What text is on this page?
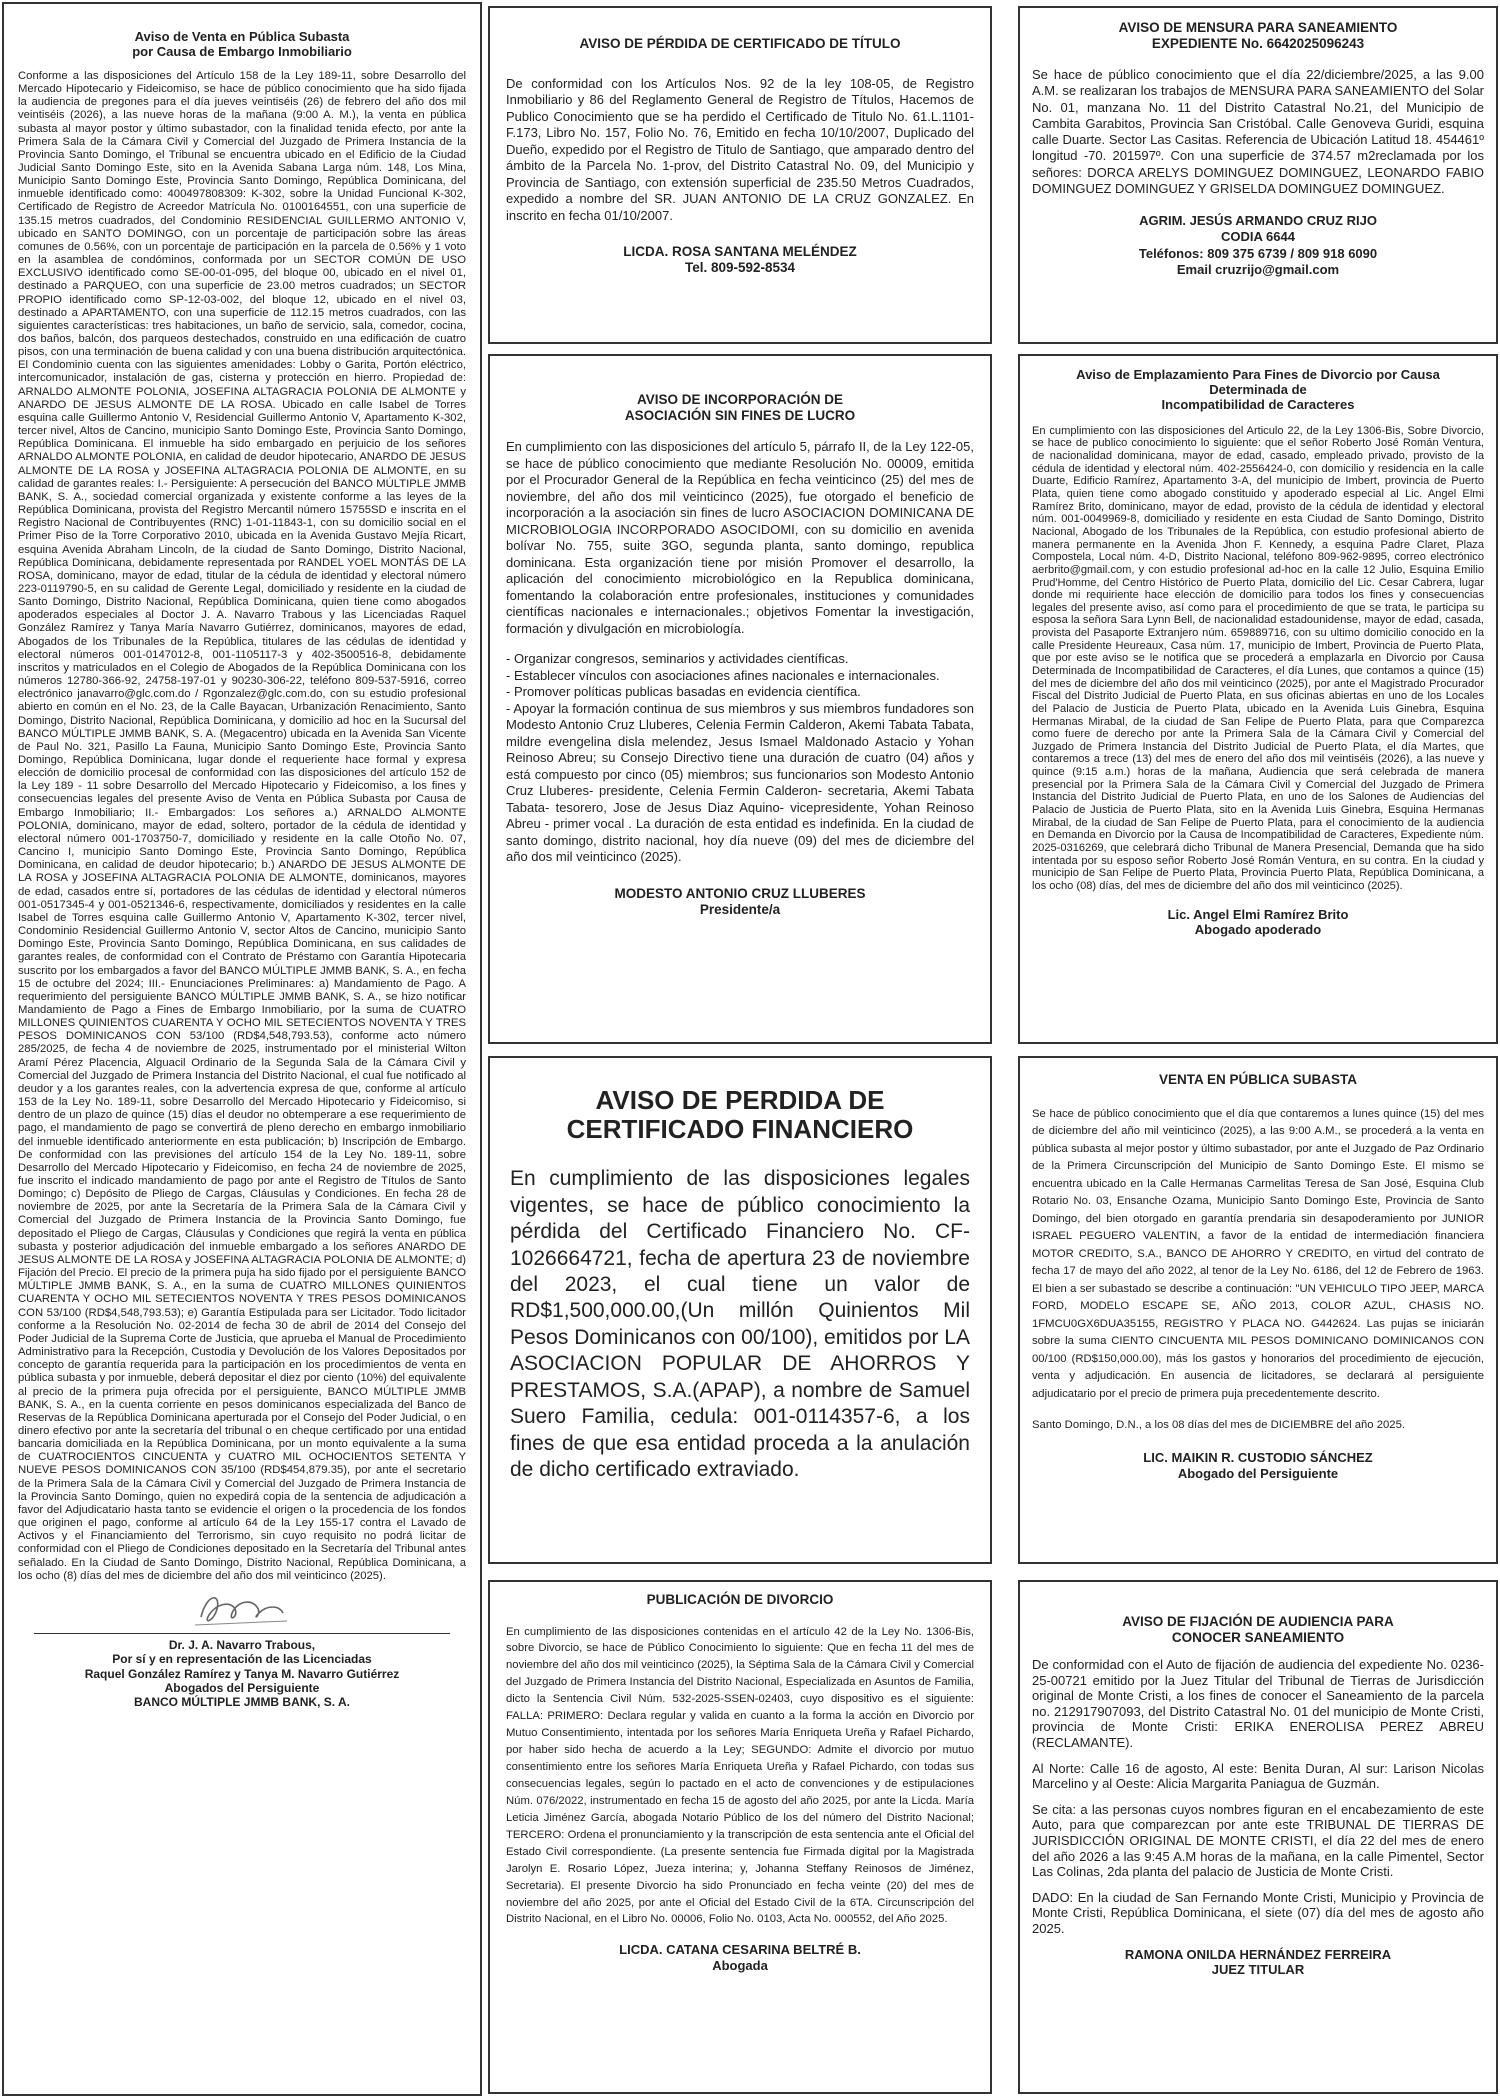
Aviso de Venta en Pública Subasta
por Causa de Embargo Inmobiliario
Conforme a las disposiciones del Artículo 158 de la Ley 189-11, sobre Desarrollo del Mercado Hipotecario y Fideicomiso, se hace de público conocimiento que ha sido fijada la audiencia de pregones para el día jueves veintiséis (26) de febrero del año dos mil veintiséis (2026), a las nueve horas de la mañana (9:00 A. M.), la venta en pública subasta al mayor postor y último subastador, con la finalidad tenida efecto, por ante la Primera Sala de la Cámara Civil y Comercial del Juzgado de Primera Instancia de la Provincia Santo Domingo, el Tribunal se encuentra ubicado en el Edificio de la Ciudad Judicial Santo Domingo Este, sito en la Avenida Sabana Larga núm. 148, Los Mina, Municipio Santo Domingo Este, Provincia Santo Domingo, República Dominicana, del inmueble identificado como: 400497808309: K-302, sobre la Unidad Funcional K-302, Certificado de Registro de Acreedor Matrícula No. 0100164551, con una superficie de 135.15 metros cuadrados, del Condominio RESIDENCIAL GUILLERMO ANTONIO V, ubicado en SANTO DOMINGO, con un porcentaje de participación sobre las áreas comunes de 0.56%, con un porcentaje de participación en la parcela de 0.56% y 1 voto en la asamblea de condóminos, conformada por un SECTOR COMÚN DE USO EXCLUSIVO identificado como SE-00-01-095, del bloque 00, ubicado en el nivel 01, destinado a PARQUEO, con una superficie de 23.00 metros cuadrados; un SECTOR PROPIO identificado como SP-12-03-002, del bloque 12, ubicado en el nivel 03, destinado a APARTAMENTO, con una superficie de 112.15 metros cuadrados, con las siguientes características: tres habitaciones, un baño de servicio, sala, comedor, cocina, dos baños, balcón, dos parqueos destechados, construido en una edificación de cuatro pisos, con una terminación de buena calidad y con una buena distribución arquitectónica. El Condominio cuenta con las siguientes amenidades: Lobby o Garita, Portón eléctrico, intercomunicador, instalación de gas, cisterna y protección en hierro. Propiedad de: ARNALDO ALMONTE POLONIA, JOSEFINA ALTAGRACIA POLONIA DE ALMONTE y ANARDO DE JESUS ALMONTE DE LA ROSA. Ubicado en calle Isabel de Torres esquina calle Guillermo Antonio V, Residencial Guillermo Antonio V, Apartamento K-302, tercer nivel, Altos de Cancino, municipio Santo Domingo Este, Provincia Santo Domingo, República Dominicana. El inmueble ha sido embargado en perjuicio de los señores ARNALDO ALMONTE POLONIA, en calidad de deudor hipotecario, ANARDO DE JESUS ALMONTE DE LA ROSA y JOSEFINA ALTAGRACIA POLONIA DE ALMONTE, en su calidad de garantes reales: I.- Persiguiente: A persecución del BANCO MÚLTIPLE JMMB BANK, S. A., sociedad comercial organizada y existente conforme a las leyes de la República Dominicana, provista del Registro Mercantil número 15755SD e inscrita en el Registro Nacional de Contribuyentes (RNC) 1-01-11843-1, con su domicilio social en el Primer Piso de la Torre Corporativo 2010, ubicada en la Avenida Gustavo Mejía Ricart, esquina Avenida Abraham Lincoln, de la ciudad de Santo Domingo, Distrito Nacional, República Dominicana, debidamente representada por RANDEL YOEL MONTÁS DE LA ROSA, dominicano, mayor de edad, titular de la cédula de identidad y electoral número 223-0119790-5, en su calidad de Gerente Legal, domiciliado y residente en la ciudad de Santo Domingo, Distrito Nacional, República Dominicana, quien tiene como abogados apoderados especiales al Doctor J. A. Navarro Trabous y las Licenciadas Raquel González Ramírez y Tanya María Navarro Gutiérrez, dominicanos, mayores de edad, Abogados de los Tribunales de la República, titulares de las cédulas de identidad y electoral números 001-0147012-8, 001-1105117-3 y 402-3500516-8, debidamente inscritos y matriculados en el Colegio de Abogados de la República Dominicana con los números 12780-366-92, 24758-197-01 y 90230-306-22, teléfono 809-537-5916, correo electrónico janavarro@glc.com.do / Rgonzalez@glc.com.do, con su estudio profesional abierto en común en el No. 23, de la Calle Bayacan, Urbanización Renacimiento, Santo Domingo, Distrito Nacional, República Dominicana, y domicilio ad hoc en la Sucursal del BANCO MÚLTIPLE JMMB BANK, S. A. (Megacentro) ubicada en la Avenida San Vicente de Paul No. 321, Pasillo La Fauna, Municipio Santo Domingo Este, Provincia Santo Domingo, República Dominicana, lugar donde el requeriente hace formal y expresa elección de domicilio procesal de conformidad con las disposiciones del artículo 152 de la Ley 189 - 11 sobre Desarrollo del Mercado Hipotecario y Fideicomiso, a los fines y consecuencias legales del presente Aviso de Venta en Pública Subasta por Causa de Embargo Inmobiliario; II.- Embargados: Los señores a.) ARNALDO ALMONTE POLONIA, dominicano, mayor de edad, soltero, portador de la cédula de identidad y electoral número 001-1703750-7, domiciliado y residente en la calle Otoño No. 07, Cancino I, municipio Santo Domingo Este, Provincia Santo Domingo, República Dominicana, en calidad de deudor hipotecario; b.) ANARDO DE JESUS ALMONTE DE LA ROSA y JOSEFINA ALTAGRACIA POLONIA DE ALMONTE, dominicanos, mayores de edad, casados entre sí, portadores de las cédulas de identidad y electoral números 001-0517345-4 y 001-0521346-6, respectivamente, domiciliados y residentes en la calle Isabel de Torres esquina calle Guillermo Antonio V, Apartamento K-302, tercer nivel, Condominio Residencial Guillermo Antonio V, sector Altos de Cancino, municipio Santo Domingo Este, Provincia Santo Domingo, República Dominicana, en sus calidades de garantes reales, de conformidad con el Contrato de Préstamo con Garantía Hipotecaria suscrito por los embargados a favor del BANCO MÚLTIPLE JMMB BANK, S. A., en fecha 15 de octubre del 2024; III.- Enunciaciones Preliminares: a) Mandamiento de Pago. A requerimiento del persiguiente BANCO MÚLTIPLE JMMB BANK, S. A., se hizo notificar Mandamiento de Pago a Fines de Embargo Inmobiliario, por la suma de CUATRO MILLONES QUINIENTOS CUARENTA Y OCHO MIL SETECIENTOS NOVENTA Y TRES PESOS DOMINICANOS CON 53/100 (RD$4,548,793.53), conforme acto número 285/2025, de fecha 4 de noviembre de 2025, instrumentado por el ministerial Wilton Aramí Pérez Placencia, Alguacil Ordinario de la Segunda Sala de la Cámara Civil y Comercial del Juzgado de Primera Instancia del Distrito Nacional, el cual fue notificado al deudor y a los garantes reales, con la advertencia expresa de que, conforme al artículo 153 de la Ley No. 189-11, sobre Desarrollo del Mercado Hipotecario y Fideicomiso, si dentro de un plazo de quince (15) días el deudor no obtemperare a ese requerimiento de pago, el mandamiento de pago se convertirá de pleno derecho en embargo inmobiliario del inmueble identificado anteriormente en esta publicación; b) Inscripción de Embargo. De conformidad con las previsiones del artículo 154 de la Ley No. 189-11, sobre Desarrollo del Mercado Hipotecario y Fideicomiso, en fecha 24 de noviembre de 2025, fue inscrito el indicado mandamiento de pago por ante el Registro de Títulos de Santo Domingo; c) Depósito de Pliego de Cargas, Cláusulas y Condiciones. En fecha 28 de noviembre de 2025, por ante la Secretaría de la Primera Sala de la Cámara Civil y Comercial del Juzgado de Primera Instancia de la Provincia Santo Domingo, fue depositado el Pliego de Cargas, Cláusulas y Condiciones que regirá la venta en pública subasta y posterior adjudicación del inmueble embargado a los señores ANARDO DE JESUS ALMONTE DE LA ROSA y JOSEFINA ALTAGRACIA POLONIA DE ALMONTE; d) Fijación del Precio. El precio de la primera puja ha sido fijado por el persiguiente BANCO MÚLTIPLE JMMB BANK, S. A., en la suma de CUATRO MILLONES QUINIENTOS CUARENTA Y OCHO MIL SETECIENTOS NOVENTA Y TRES PESOS DOMINICANOS CON 53/100 (RD$4,548,793.53); e) Garantía Estipulada para ser Licitador. Todo licitador conforme a la Resolución No. 02-2014 de fecha 30 de abril de 2014 del Consejo del Poder Judicial de la Suprema Corte de Justicia, que aprueba el Manual de Procedimiento Administrativo para la Recepción, Custodia y Devolución de los Valores Depositados por concepto de garantía requerida para la participación en los procedimientos de venta en pública subasta y por inmueble, deberá depositar el diez por ciento (10%) del equivalente al precio de la primera puja ofrecida por el persiguiente, BANCO MÚLTIPLE JMMB BANK, S. A., en la cuenta corriente en pesos dominicanos especializada del Banco de Reservas de la República Dominicana aperturada por el Consejo del Poder Judicial, o en dinero efectivo por ante la secretaría del tribunal o en cheque certificado por una entidad bancaria domiciliada en la República Dominicana, por un monto equivalente a la suma de CUATROCIENTOS CINCUENTA y CUATRO MIL OCHOCIENTOS SETENTA Y NUEVE PESOS DOMINICANOS CON 35/100 (RD$454,879.35), por ante el secretario de la Primera Sala de la Cámara Civil y Comercial del Juzgado de Primera Instancia de la Provincia Santo Domingo, quien no expedirá copia de la sentencia de adjudicación a favor del Adjudicatario hasta tanto se evidencie el origen o la procedencia de los fondos que originen el pago, conforme al artículo 64 de la Ley 155-17 contra el Lavado de Activos y el Financiamiento del Terrorismo, sin cuyo requisito no podrá licitar de conformidad con el Pliego de Condiciones depositado en la Secretaría del Tribunal antes señalado. En la Ciudad de Santo Domingo, Distrito Nacional, República Dominicana, a los ocho (8) días del mes de diciembre del año dos mil veinticinco (2025).
Dr. J. A. Navarro Trabous,
Por sí y en representación de las Licenciadas
Raquel González Ramírez y Tanya M. Navarro Gutiérrez
Abogados del Persiguiente
BANCO MÚLTIPLE JMMB BANK, S. A.
AVISO DE PÉRDIDA DE CERTIFICADO DE TÍTULO
De conformidad con los Artículos Nos. 92 de la ley 108-05, de Registro Inmobiliario y 86 del Reglamento General de Registro de Títulos, Hacemos de Publico Conocimiento que se ha perdido el Certificado de Titulo No. 61.L.1101-F.173, Libro No. 157, Folio No. 76, Emitido en fecha 10/10/2007, Duplicado del Dueño, expedido por el Registro de Titulo de Santiago, que amparado dentro del ámbito de la Parcela No. 1-prov, del Distrito Catastral No. 09, del Municipio y Provincia de Santiago, con extensión superficial de 235.50 Metros Cuadrados, expedido a nombre del SR. JUAN ANTONIO DE LA CRUZ GONZALEZ. En inscrito en fecha 01/10/2007.
LICDA. ROSA SANTANA MELÉNDEZ
Tel. 809-592-8534
AVISO DE INCORPORACIÓN DE
ASOCIACIÓN SIN FINES DE LUCRO
En cumplimiento con las disposiciones del artículo 5, párrafo II, de la Ley 122-05, se hace de público conocimiento que mediante Resolución No. 00009, emitida por el Procurador General de la República en fecha veinticinco (25) del mes de noviembre, del año dos mil veinticinco (2025), fue otorgado el beneficio de incorporación a la asociación sin fines de lucro ASOCIACION DOMINICANA DE MICROBIOLOGIA INCORPORADO ASOCIDOMI, con su domicilio en avenida bolívar No. 755, suite 3GO, segunda planta, santo domingo, republica dominicana. Esta organización tiene por misión Promover el desarrollo, la aplicación del conocimiento microbiológico en la Republica dominicana, fomentando la colaboración entre profesionales, instituciones y comunidades científicas nacionales e internacionales.; objetivos Fomentar la investigación, formación y divulgación en microbiología.
- Organizar congresos, seminarios y actividades científicas.
- Establecer vínculos con asociaciones afines nacionales e internacionales.
- Promover políticas publicas basadas en evidencia científica.
- Apoyar la formación continua de sus miembros y sus miembros fundadores son Modesto Antonio Cruz Lluberes, Celenia Fermin Calderon, Akemi Tabata Tabata, mildre evengelina disla melendez, Jesus Ismael Maldonado Astacio y Yohan Reinoso Abreu; su Consejo Directivo tiene una duración de cuatro (04) años y está compuesto por cinco (05) miembros; sus funcionarios son Modesto Antonio Cruz Lluberes- presidente, Celenia Fermin Calderon- secretaria, Akemi Tabata Tabata- tesorero, Jose de Jesus Diaz Aquino- vicepresidente, Yohan Reinoso Abreu - primer vocal . La duración de esta entidad es indefinida. En la ciudad de santo domingo, distrito nacional, hoy día nueve (09) del mes de diciembre del año dos mil veinticinco (2025).
MODESTO ANTONIO CRUZ LLUBERES
Presidente/a
AVISO DE PERDIDA DE
CERTIFICADO FINANCIERO
En cumplimiento de las disposiciones legales vigentes, se hace de público conocimiento la pérdida del Certificado Financiero No. CF-1026664721, fecha de apertura 23 de noviembre del 2023, el cual tiene un valor de RD$1,500,000.00,(Un millón Quinientos Mil Pesos Dominicanos con 00/100), emitidos por LA ASOCIACION POPULAR DE AHORROS Y PRESTAMOS, S.A.(APAP), a nombre de Samuel Suero Familia, cedula: 001-0114357-6, a los fines de que esa entidad proceda a la anulación de dicho certificado extraviado.
PUBLICACIÓN DE DIVORCIO
En cumplimiento de las disposiciones contenidas en el artículo 42 de la Ley No. 1306-Bis, sobre Divorcio, se hace de Público Conocimiento lo siguiente: Que en fecha 11 del mes de noviembre del año dos mil veinticinco (2025), la Séptima Sala de la Cámara Civil y Comercial del Juzgado de Primera Instancia del Distrito Nacional, Especializada en Asuntos de Familia, dicto la Sentencia Civil Núm. 532-2025-SSEN-02403, cuyo dispositivo es el siguiente: FALLA: PRIMERO: Declara regular y valida en cuanto a la forma la acción en Divorcio por Mutuo Consentimiento, intentada por los señores María Enriqueta Ureña y Rafael Pichardo, por haber sido hecha de acuerdo a la Ley; SEGUNDO: Admite el divorcio por mutuo consentimiento entre los señores María Enriqueta Ureña y Rafael Pichardo, con todas sus consecuencias legales, según lo pactado en el acto de convenciones y de estipulaciones Núm. 076/2022, instrumentado en fecha 15 de agosto del año 2025, por ante la Licda. María Leticia Jiménez García, abogada Notario Público de los del número del Distrito Nacional; TERCERO: Ordena el pronunciamiento y la transcripción de esta sentencia ante el Oficial del Estado Civil correspondiente. (La presente sentencia fue Firmada digital por la Magistrada Jarolyn E. Rosario López, Jueza interina; y, Johanna Steffany Reinosos de Jiménez, Secretaria). El presente Divorcio ha sido Pronunciado en fecha veinte (20) del mes de noviembre del año 2025, por ante el Oficial del Estado Civil de la 6TA. Circunscripción del Distrito Nacional, en el Libro No. 00006, Folio No. 0103, Acta No. 000552, del Año 2025.
LICDA. CATANA CESARINA BELTRÉ B.
Abogada
AVISO DE MENSURA PARA SANEAMIENTO
EXPEDIENTE No. 6642025096243
Se hace de público conocimiento que el día 22/diciembre/2025, a las 9.00 A.M. se realizaran los trabajos de MENSURA PARA SANEAMIENTO del Solar No. 01, manzana No. 11 del Distrito Catastral No.21, del Municipio de Cambita Garabitos, Provincia San Cristóbal. Calle Genoveva Guridi, esquina calle Duarte. Sector Las Casitas. Referencia de Ubicación Latitud 18. 454461º longitud -70. 201597º. Con una superficie de 374.57 m2reclamada por los señores: DORCA ARELYS DOMINGUEZ DOMINGUEZ, LEONARDO FABIO DOMINGUEZ DOMINGUEZ Y GRISELDA DOMINGUEZ DOMINGUEZ.
AGRIM. JESÚS ARMANDO CRUZ RIJO
CODIA 6644
Teléfonos: 809 375 6739 / 809 918 6090
Email cruzrijo@gmail.com
Aviso de Emplazamiento Para Fines de Divorcio por Causa
Determinada de
Incompatibilidad de Caracteres
En cumplimiento con las disposiciones del Articulo 22, de la Ley 1306-Bis, Sobre Divorcio, se hace de publico conocimiento lo siguiente: que el señor Roberto José Román Ventura, de nacionalidad dominicana, mayor de edad, casado, empleado privado, provisto de la cédula de identidad y electoral núm. 402-2556424-0, con domicilio y residencia en la calle Duarte, Edificio Ramírez, Apartamento 3-A, del municipio de Imbert, provincia de Puerto Plata, quien tiene como abogado constituido y apoderado especial al Lic. Angel Elmi Ramírez Brito, dominicano, mayor de edad, provisto de la cédula de identidad y electoral núm. 001-0049969-8, domiciliado y residente en esta Ciudad de Santo Domingo, Distrito Nacional, Abogado de los Tribunales de la República, con estudio profesional abierto de manera permanente en la Avenida Jhon F. Kennedy, a esquina Padre Claret, Plaza Compostela, Local núm. 4-D, Distrito Nacional, teléfono 809-962-9895, correo electrónico aerbrito@gmail.com, y con estudio profesional ad-hoc en la calle 12 Julio, Esquina Emilio Prud'Homme, del Centro Histórico de Puerto Plata, domicilio del Lic. Cesar Cabrera, lugar donde mi requiriente hace elección de domicilio para todos los fines y consecuencias legales del presente aviso, así como para el procedimiento de que se trata, le participa su esposa la señora Sara Lynn Bell, de nacionalidad estadounidense, mayor de edad, casada, provista del Pasaporte Extranjero núm. 659889716, con su ultimo domicilio conocido en la calle Presidente Heureaux, Casa núm. 17, municipio de Imbert, Provincia de Puerto Plata, que por este aviso se le notifica que se procederá a emplazarla en Divorcio por Causa Determinada de Incompatibilidad de Caracteres, el día Lunes, que contamos a quince (15) del mes de diciembre del año dos mil veinticinco (2025), por ante el Magistrado Procurador Fiscal del Distrito Judicial de Puerto Plata, en sus oficinas abiertas en uno de los Locales del Palacio de Justicia de Puerto Plata, ubicado en la Avenida Luis Ginebra, Esquina Hermanas Mirabal, de la ciudad de San Felipe de Puerto Plata, para que Comparezca como fuere de derecho por ante la Primera Sala de la Cámara Civil y Comercial del Juzgado de Primera Instancia del Distrito Judicial de Puerto Plata, el día Martes, que contaremos a trece (13) del mes de enero del año dos mil veintiséis (2026), a las nueve y quince (9:15 a.m.) horas de la mañana, Audiencia que será celebrada de manera presencial por la Primera Sala de la Cámara Civil y Comercial del Juzgado de Primera Instancia del Distrito Judicial de Puerto Plata, en uno de los Salones de Audiencias del Palacio de Justicia de Puerto Plata, sito en la Avenida Luis Ginebra, Esquina Hermanas Mirabal, de la ciudad de San Felipe de Puerto Plata, para el conocimiento de la audiencia en Demanda en Divorcio por la Causa de Incompatibilidad de Caracteres, Expediente núm. 2025-0316269, que celebrará dicho Tribunal de Manera Presencial, Demanda que ha sido intentada por su esposo señor Roberto José Román Ventura, en su contra. En la ciudad y municipio de San Felipe de Puerto Plata, Provincia Puerto Plata, República Dominicana, a los ocho (08) días, del mes de diciembre del año dos mil veinticinco (2025).
Lic. Angel Elmi Ramírez Brito
Abogado apoderado
VENTA EN PÚBLICA SUBASTA
Se hace de público conocimiento que el día que contaremos a lunes quince (15) del mes de diciembre del año mil veinticinco (2025), a las 9:00 A.M., se procederá a la venta en pública subasta al mejor postor y último subastador, por ante el Juzgado de Paz Ordinario de la Primera Circunscripción del Municipio de Santo Domingo Este. El mismo se encuentra ubicado en la Calle Hermanas Carmelitas Teresa de San José, Esquina Club Rotario No. 03, Ensanche Ozama, Municipio Santo Domingo Este, Provincia de Santo Domingo, del bien otorgado en garantía prendaria sin desapoderamiento por JUNIOR ISRAEL PEGUERO VALENTIN, a favor de la entidad de intermediación financiera MOTOR CREDITO, S.A., BANCO DE AHORRO Y CREDITO, en virtud del contrato de fecha 17 de mayo del año 2022, al tenor de la Ley No. 6186, del 12 de Febrero de 1963. El bien a ser subastado se describe a continuación: "UN VEHICULO TIPO JEEP, MARCA FORD, MODELO ESCAPE SE, AÑO 2013, COLOR AZUL, CHASIS NO. 1FMCU0GX6DUA35155, REGISTRO Y PLACA NO. G442624. Las pujas se iniciarán sobre la suma CIENTO CINCUENTA MIL PESOS DOMINICANO DOMINICANOS CON 00/100 (RD$150,000.00), más los gastos y honorarios del procedimiento de ejecución, venta y adjudicación. En ausencia de licitadores, se declarará al persiguiente adjudicatario por el precio de primera puja precedentemente descrito.
Santo Domingo, D.N., a los 08 días del mes de DICIEMBRE del año 2025.
LIC. MAIKIN R. CUSTODIO SÁNCHEZ
Abogado del Persiguiente
AVISO DE FIJACIÓN DE AUDIENCIA PARA
CONOCER SANEAMIENTO
De conformidad con el Auto de fijación de audiencia del expediente No. 0236-25-00721 emitido por la Juez Titular del Tribunal de Tierras de Jurisdicción original de Monte Cristi, a los fines de conocer el Saneamiento de la parcela no. 212917907093, del Distrito Catastral No. 01 del municipio de Monte Cristi, provincia de Monte Cristi: ERIKA ENEROLISA PEREZ ABREU (RECLAMANTE).
Al Norte: Calle 16 de agosto, Al este: Benita Duran, Al sur: Larison Nicolas Marcelino y al Oeste: Alicia Margarita Paniagua de Guzmán.
Se cita: a las personas cuyos nombres figuran en el encabezamiento de este Auto, para que comparezcan por ante este TRIBUNAL DE TIERRAS DE JURISDICCIÓN ORIGINAL DE MONTE CRISTI, el día 22 del mes de enero del año 2026 a las 9:45 A.M horas de la mañana, en la calle Pimentel, Sector Las Colinas, 2da planta del palacio de Justicia de Monte Cristi.
DADO: En la ciudad de San Fernando Monte Cristi, Municipio y Provincia de Monte Cristi, República Dominicana, el siete (07) día del mes de agosto año 2025.
RAMONA ONILDA HERNÁNDEZ FERREIRA
JUEZ TITULAR
